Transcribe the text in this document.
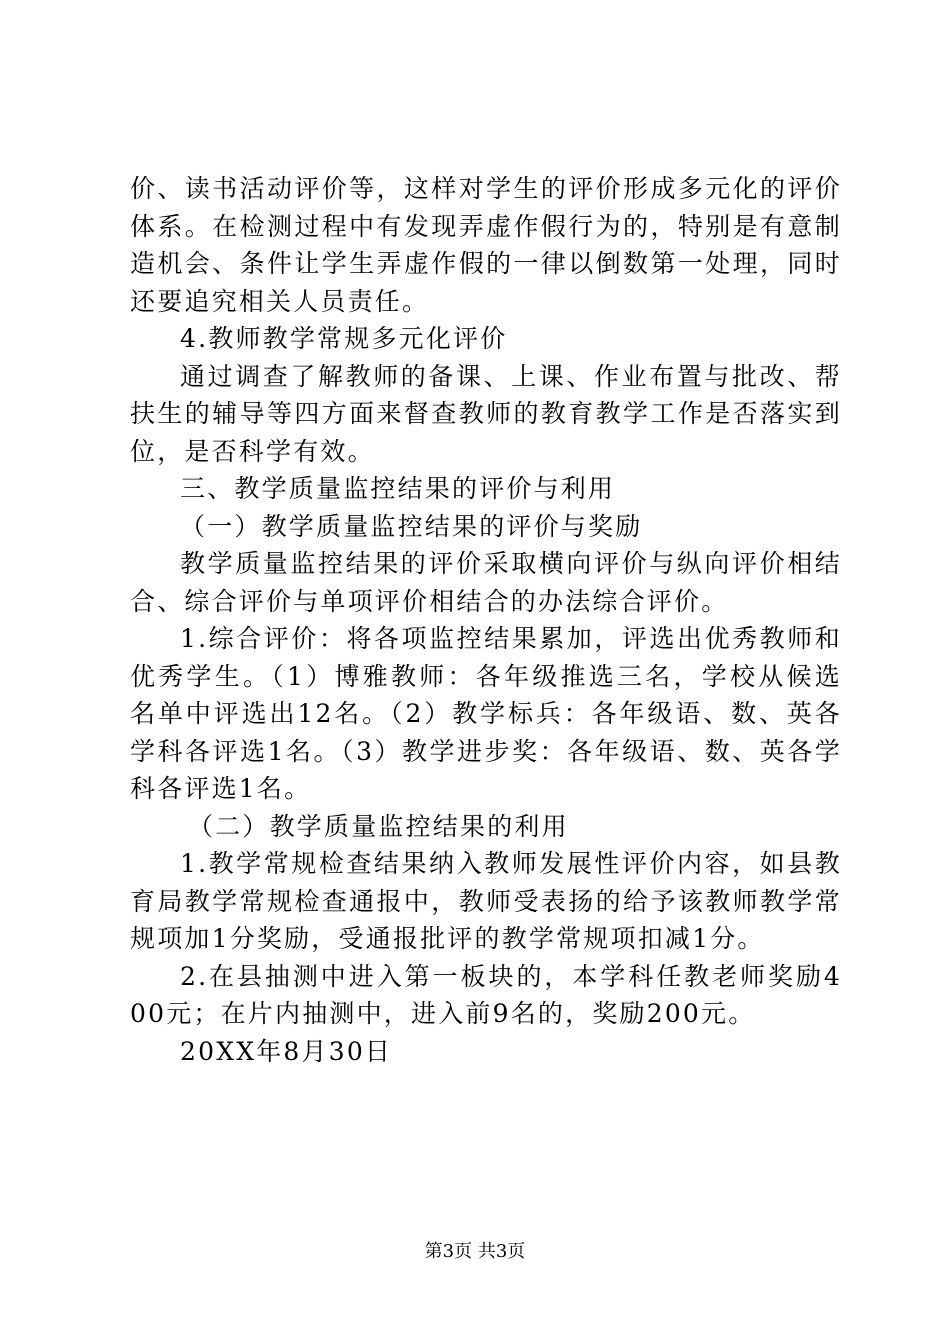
价、读书活动评价等，这样对学生的评价形成多元化的评价体系。在检测过程中有发现弄虚作假行为的，特别是有意制造机会、条件让学生弄虚作假的一律以倒数第一处理，同时还要追究相关人员责任。

4.教师教学常规多元化评价

通过调查了解教师的备课、上课、作业布置与批改、帮扶生的辅导等四方面来督查教师的教育教学工作是否落实到位，是否科学有效。

三、教学质量监控结果的评价与利用

（一）教学质量监控结果的评价与奖励

教学质量监控结果的评价采取横向评价与纵向评价相结合、综合评价与单项评价相结合的办法综合评价。

1.综合评价：将各项监控结果累加，评选出优秀教师和优秀学生。（1）博雅教师：各年级推选三名，学校从候选名单中评选出12名。（2）教学标兵：各年级语、数、英各学科各评选1名。（3）教学进步奖：各年级语、数、英各学科各评选1名。

（二）教学质量监控结果的利用

1.教学常规检查结果纳入教师发展性评价内容，如县教育局教学常规检查通报中，教师受表扬的给予该教师教学常规项加1分奖励，受通报批评的教学常规项扣减1分。

2.在县抽测中进入第一板块的，本学科任教老师奖励400元；在片内抽测中，进入前9名的，奖励200元。

20XX年8月30日

第3页 共3页
